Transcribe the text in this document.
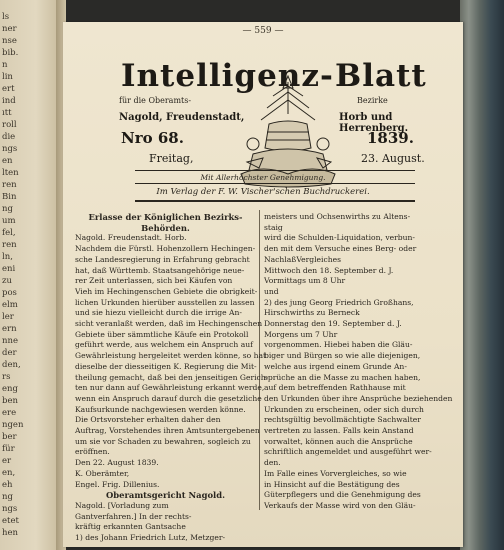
ls
ner
nse
bib.
n
lin
ert
ind
ıtt
roll
die
ngs
en
lten
ren
Bin
ng
um
fel,
ren
ln,
eni
zu
pos
elm
ler
ern
nne
der
den,
rs
eng
ben
ere
ngen
ber
für
er
en,
eh
ng
ngs
etet
hen
— 559 —
Intelligenz- Blatt
für die Oberamts-	Bezirke
Nagold, Freudenstadt,	Horb und Herrenberg.
Nro 68.	1839.
Freitag,	23. August.
Mit Allerhöchster Genehmigung.
Im Verlag der F. W. Vischer'schen Buchdruckerei.
Erlasse der Königlichen Bezirks-
Behörden.
Nagold. Freudenstadt. Horb.
Nachdem die Fürstl. Hohenzollern Hechingen-
sche Landesregierung in Erfahrung gebracht
hat, daß Württemb. Staatsangehörige neue-
rer Zeit unterlassen, sich bei Käufen von
Vieh im Hechingenschen Gebiete die obrigkeit-
lichen Urkunden hierüber ausstellen zu lassen
und sie hiezu vielleicht durch die irrige An-
sicht veranlaßt werden, daß im Hechingenschen
Gebiete über sämmtliche Käufe ein Protokoll
geführt werde, aus welchem ein Anspruch auf
Gewährleistung hergeleitet werden könne, so hat
dieselbe der diesseitigen K. Regierung die Mit-
theilung gemacht, daß bei den jenseitigen Gerich-
ten nur dann auf Gewährleistung erkannt werde,
wenn ein Anspruch darauf durch die gesetzliche
Kaufsurkunde nachgewiesen werden könne.
Die Ortsvorsteher erhalten daher den
Auftrag, Vorstehendes ihren Amtsuntergebenen
um sie vor Schaden zu bewahren, sogleich zu
eröffnen.
Den 22. August 1839.
K. Oberämter,
Engel. Frig. Dillenius.
Oberamtsgericht Nagold.
Nagold. [Vorladung zum
Gantverfahren.] In der rechts-
kräftig erkannten Gantsache
1) des Johann Friedrich Lutz, Metzger-
meisters und Ochsenwirths zu Altens-
staig
wird die Schulden-Liquidation, verbun-
den mit dem Versuche eines Berg- oder
NachlaßVergleiches
Mittwoch den 18. September d. J.
Vormittags um 8 Uhr
und
2) des jung Georg Friedrich Großhans,
Hirschwirths zu Berneck
Donnerstag den 19. September d. J.
Morgens um 7 Uhr
vorgenommen. Hiebei haben die Gläu-
biger und Bürgen so wie alle diejenigen,
welche aus irgend einem Grunde An-
sprüche an die Masse zu machen haben,
auf dem betreffenden Rathhause mit
den Urkunden über ihre Ansprüche beziehenden
Urkunden zu erscheinen, oder sich durch
rechtsgültig bevollmächtigte Sachwalter
vertreten zu lassen. Falls kein Anstand
vorwaltet, können auch die Ansprüche
schriftlich angemeldet und ausgeführt wer-
den.
Im Falle eines Vorvergleiches, so wie
in Hinsicht auf die Bestätigung des
Güterpflegers und die Genehmigung des
Verkaufs der Masse wird von den Gläu-
